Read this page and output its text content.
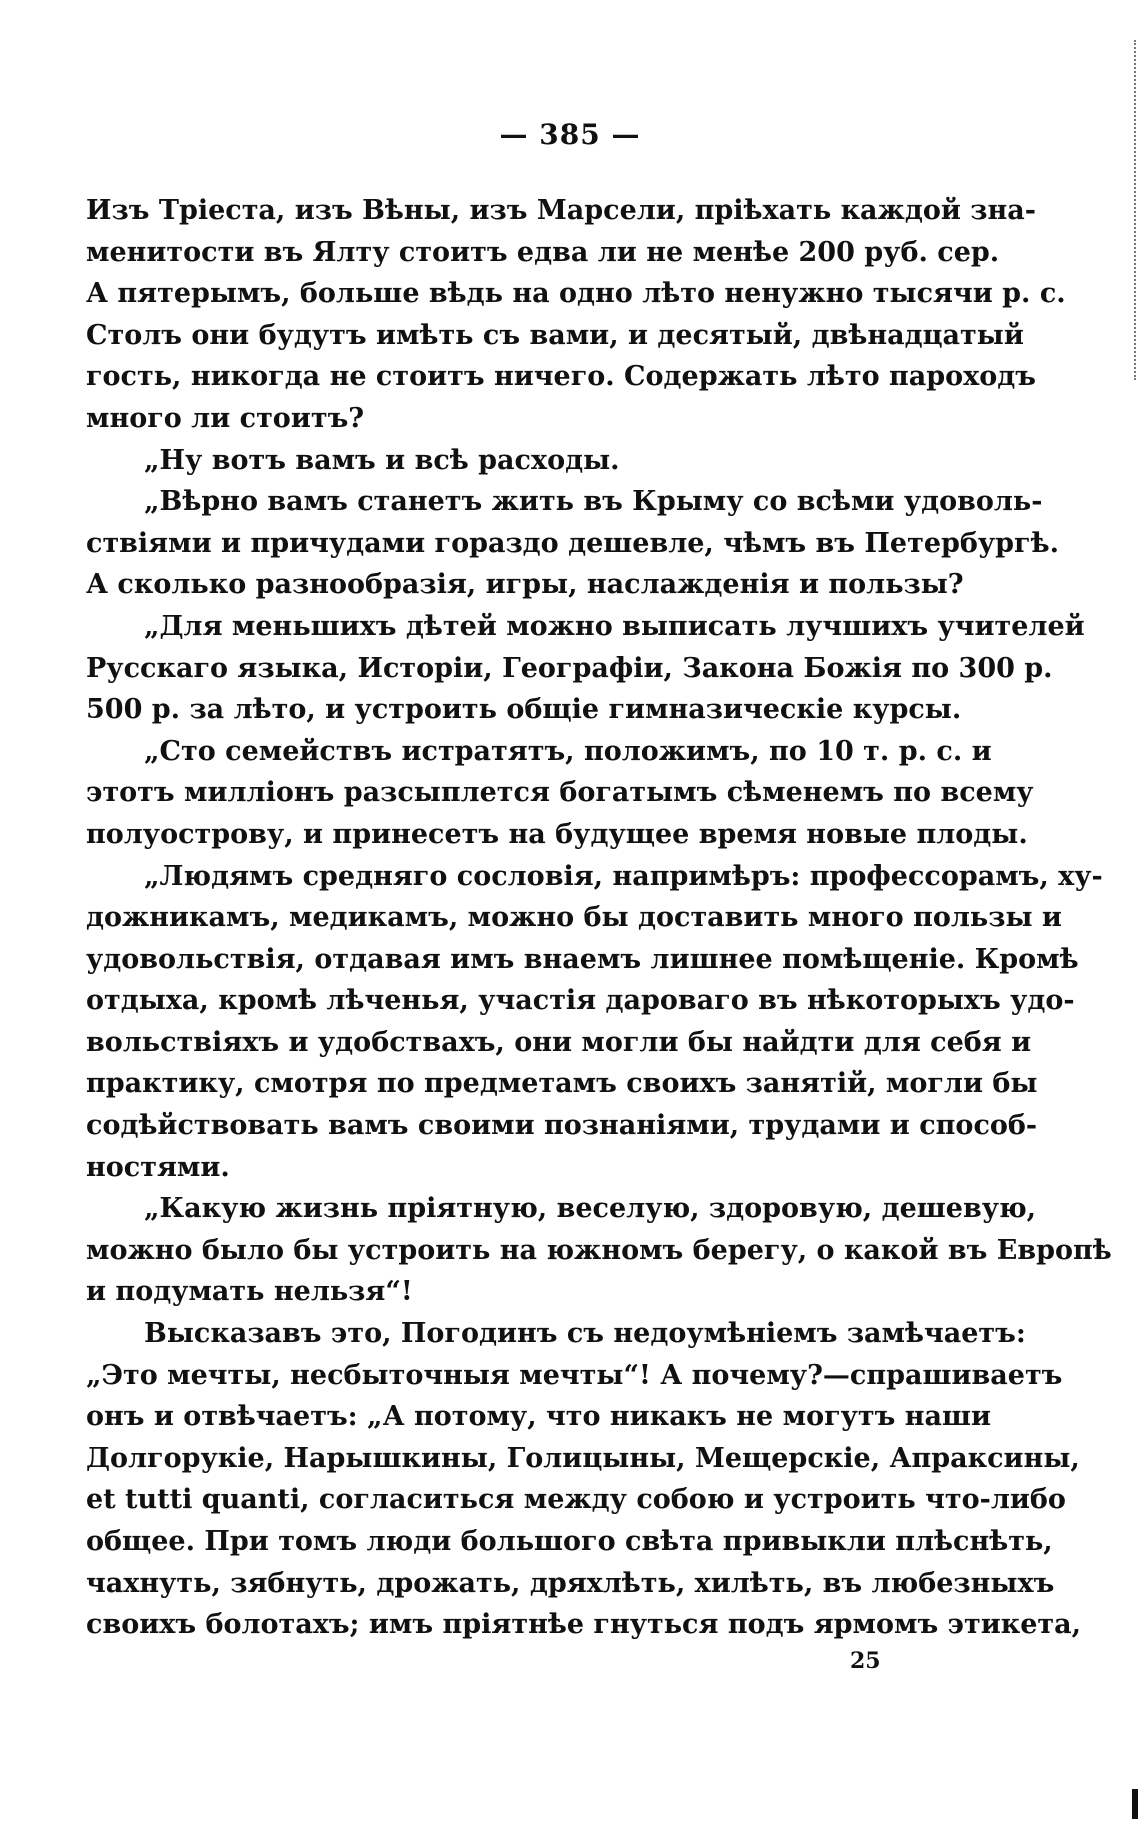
— 385 —
Изъ Тріеста, изъ Вѣны, изъ Марсели, пріѣхать каждой зна-
менитости въ Ялту стоитъ едва ли не менѣе 200 руб. сер.
А пятерымъ, больше вѣдь на одно лѣто ненужно тысячи р. с.
Столъ они будутъ имѣть съ вами, и десятый, двѣнадцатый
гость, никогда не стоитъ ничего. Содержать лѣто пароходъ
много ли стоитъ?
„Ну вотъ вамъ и всѣ расходы.
„Вѣрно вамъ станетъ жить въ Крыму со всѣми удоволь-
ствіями и причудами гораздо дешевле, чѣмъ въ Петербургѣ.
А сколько разнообразія, игры, наслажденія и пользы?
„Для меньшихъ дѣтей можно выписать лучшихъ учителей
Русскаго языка, Исторіи, Географіи, Закона Божія по 300 р.
500 р. за лѣто, и устроить общіе гимназическіе курсы.
„Сто семействъ истратятъ, положимъ, по 10 т. р. с. и
этотъ милліонъ разсыплется богатымъ сѣменемъ по всему
полуострову, и принесетъ на будущее время новые плоды.
„Людямъ средняго сословія, напримѣръ: профессорамъ, ху-
дожникамъ, медикамъ, можно бы доставить много пользы и
удовольствія, отдавая имъ внаемъ лишнее помѣщеніе. Кромѣ
отдыха, кромѣ лѣченья, участія дароваго въ нѣкоторыхъ удо-
вольствіяхъ и удобствахъ, они могли бы найдти для себя и
практику, смотря по предметамъ своихъ занятій, могли бы
содѣйствовать вамъ своими познаніями, трудами и способ-
ностями.
„Какую жизнь пріятную, веселую, здоровую, дешевую,
можно было бы устроить на южномъ берегу, о какой въ Европѣ
и подумать нельзя“!
Высказавъ это, Погодинъ съ недоумѣніемъ замѣчаетъ:
„Это мечты, несбыточныя мечты“! А почему?—спрашиваетъ
онъ и отвѣчаетъ: „А потому, что никакъ не могутъ наши
Долгорукіе, Нарышкины, Голицыны, Мещерскіе, Апраксины,
et tutti quanti, согласиться между собою и устроить что-либо
общее. При томъ люди большого свѣта привыкли плѣснѣть,
чахнуть, зябнуть, дрожать, дряхлѣть, хилѣть, въ любезныхъ
своихъ болотахъ; имъ пріятнѣе гнуться подъ ярмомъ этикета,
25
